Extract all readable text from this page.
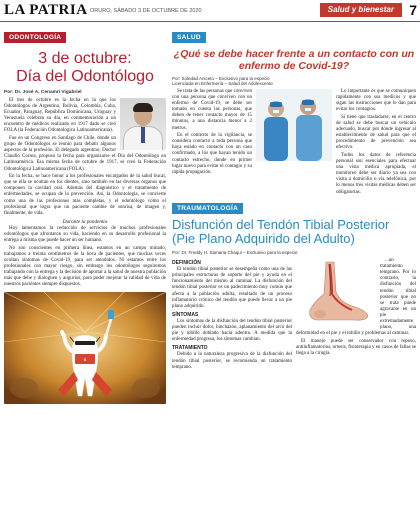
LA PATRIA ORURO, SÁBADO 3 DE OCTUBRE DE 2020	Salud y bienestar	7
ODONTOLOGÍA
3 de octubre:
Día del Odontólogo
Por: Dr. José A. Cenamri Vigabriel

El tres de octubre es la fecha en la que los Odontólogos de Argentina, Bolivia, Colombia, Cuba, Ecuador, Paraguay, República Dominicana, Uruguay y Venezuela celebran su día, en conmemoración a un encuentro de médicos realizado en 1917 dado se creó FOLA (la Federación Odontológica Latinoamericana).

Fue en un Congreso en Santiago de Chile, donde un grupo de Odontólogos se reunió para debatir algunos aspectos de la profesión. El delegado argentino, Doctor Claudio Correa, propuso la fecha para organizarse el Día del Odontólogo en Latinoamérica. Esa misma fecha de octubre de 1917, se creó la Federación Odontológica Latinoamericana (FOLA).

En la fecha, se hace honor a los profesionales encargados de la salud bucal, que se ella se ocultan en los dientes, sino también en las diversas órganos que componen la cavidad oral. Además del diagnóstico y el tratamiento de enfermedades, se ocupan de la prevención. Así, la Odontología, se convierte como una de las profesiones más completas, y el odontólogo como el profesional que logra que un paciente cambie de sonrisa, de imagen y, finalmente, de vida.

Durante la pandemia

Hoy lamentamos la reducción de servicios de muchos profesionales odontólogos que afrontaron su vida, haciendo en su desarrollo profesional la entrega a misma que puede hacer un ser humano.

No son conscientes en primera línea, estamos en un campo minado, trabajamos a treinta centímetros de la boca de pacientes, que muchas veces ocultan síntomas de Covid-19, para ser atendidos. Ni estamos entre los profesionales con mayor riesgo, sin embargo los odontólogos seguiremos trabajando con la entrega y la decisión de aportar a la salud de nuestra población más que debe y dialoguen y augurios, para poder mejorar la calidad de vida de nuestros pacientes siempre dispuestos.

S
SALUD
¿Qué se debe hacer frente a un contacto con un enfermo de Covid-19?
Por: Soledad Aniceto – Exclusivo para la especie
Licenciada en Enfermería – Salud del Adolescente

Se trata de las personas que conviven con una persona que conviven con un enfermo de Covid-19, se debe ser tomado en cuenta las personas, que deben de tener contacto mayor de 15 minutos, a una distancia menor a 2 metros.

En el contexto de la vigilancia, se considera contacto a toda persona que haya estado en contacto con un caso confirmado, a los que hayan tenido un contacto estrecho, donde en primer lugar nuevo para evitar el contagio y su rápida propagación.

Lo importante es que se comuniquen rápidamente con sus médicos y que sigan las instrucciones que le dan para evitar los contagios.

Si tiene que trasladarse, en el centro de salud se debe buscar un vehículo adecuado, buscar por dónde ingresar al establecimiento de salud para que el procedimiento de prevención sea efectivo.

Todos los datos de referencia personal son esenciales para efectuar una vista médica apropiada, el monitoreo debe ser diario ya sea con visita a domicilio o vía telefónica, por lo menos tres visitas médicas deben ser obligatorias.

TRAUMATOLOGÍA
Disfunción del Tendón Tibial Posterior
(Pie Plano Adquirido del Adulto)
Por: Dr. Freddy H. Samaria Chaqui – Exclusivo para la especie
DEFINICIÓN

El tendón tibial posterior se desempeña como una de las principales estructuras de soporte del pie y ayuda en el funcionamiento del mismo al caminar. La disfunción del tendón tibial posterior es un padecimiento muy común que afecta a la población adulta, resultado de un proceso inflamatorio crónico del tendón que puede llevar a un pie plano adquirido.

SÍNTOMAS

Los síntomas de la disfunción del tendón tibial posterior pueden incluir dolor, hinchazón, aplanamiento del arco del pie y tobillo doblado hacia adentro. A medida que la enfermedad progresa, los síntomas cambian.

TRATAMIENTO

Debido a la naturaleza progresiva de la disfunción del tendón tibial posterior, se recomienda un tratamiento temprano.

...un tratamiento temprano. Por lo contrario, la disfunción del tendón tibial posterior que no se trata puede agravarse en un pie extremadamente plano, una deformidad en el pie y el tobillo y problemas al caminar.

El manejo puede ser conservador con reposo, antiinflamatorios, ortesis, fisioterapia y en casos de fallas se llega a la cirugía.
